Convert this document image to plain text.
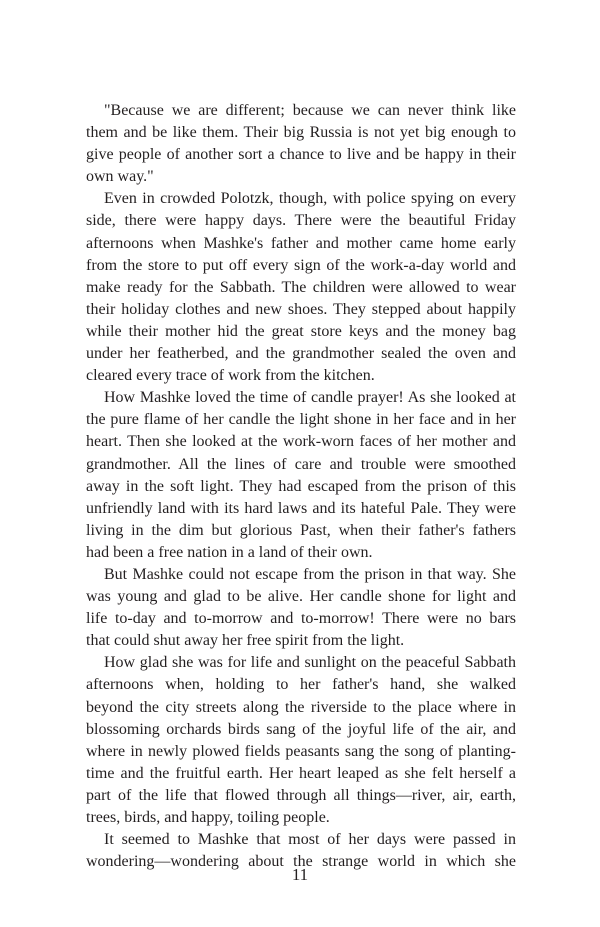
"Because we are different; because we can never think like
them and be like them. Their big Russia is not yet big enough to
give people of another sort a chance to live and be happy in their
own way."
Even in crowded Polotzk, though, with police spying on every
side, there were happy days. There were the beautiful Friday
afternoons when Mashke's father and mother came home early
from the store to put off every sign of the work-a-day world and
make ready for the Sabbath. The children were allowed to wear
their holiday clothes and new shoes. They stepped about happily
while their mother hid the great store keys and the money bag
under her featherbed, and the grandmother sealed the oven and
cleared every trace of work from the kitchen.
How Mashke loved the time of candle prayer! As she looked at
the pure flame of her candle the light shone in her face and in her
heart. Then she looked at the work-worn faces of her mother and
grandmother. All the lines of care and trouble were smoothed
away in the soft light. They had escaped from the prison of this
unfriendly land with its hard laws and its hateful Pale. They were
living in the dim but glorious Past, when their father's fathers
had been a free nation in a land of their own.
But Mashke could not escape from the prison in that way. She
was young and glad to be alive. Her candle shone for light and
life to-day and to-morrow and to-morrow! There were no bars
that could shut away her free spirit from the light.
How glad she was for life and sunlight on the peaceful Sabbath
afternoons when, holding to her father's hand, she walked
beyond the city streets along the riverside to the place where in
blossoming orchards birds sang of the joyful life of the air, and
where in newly plowed fields peasants sang the song of planting-
time and the fruitful earth. Her heart leaped as she felt herself a
part of the life that flowed through all things—river, air, earth,
trees, birds, and happy, toiling people.
It seemed to Mashke that most of her days were passed in
wondering—wondering about the strange world in which she
11
